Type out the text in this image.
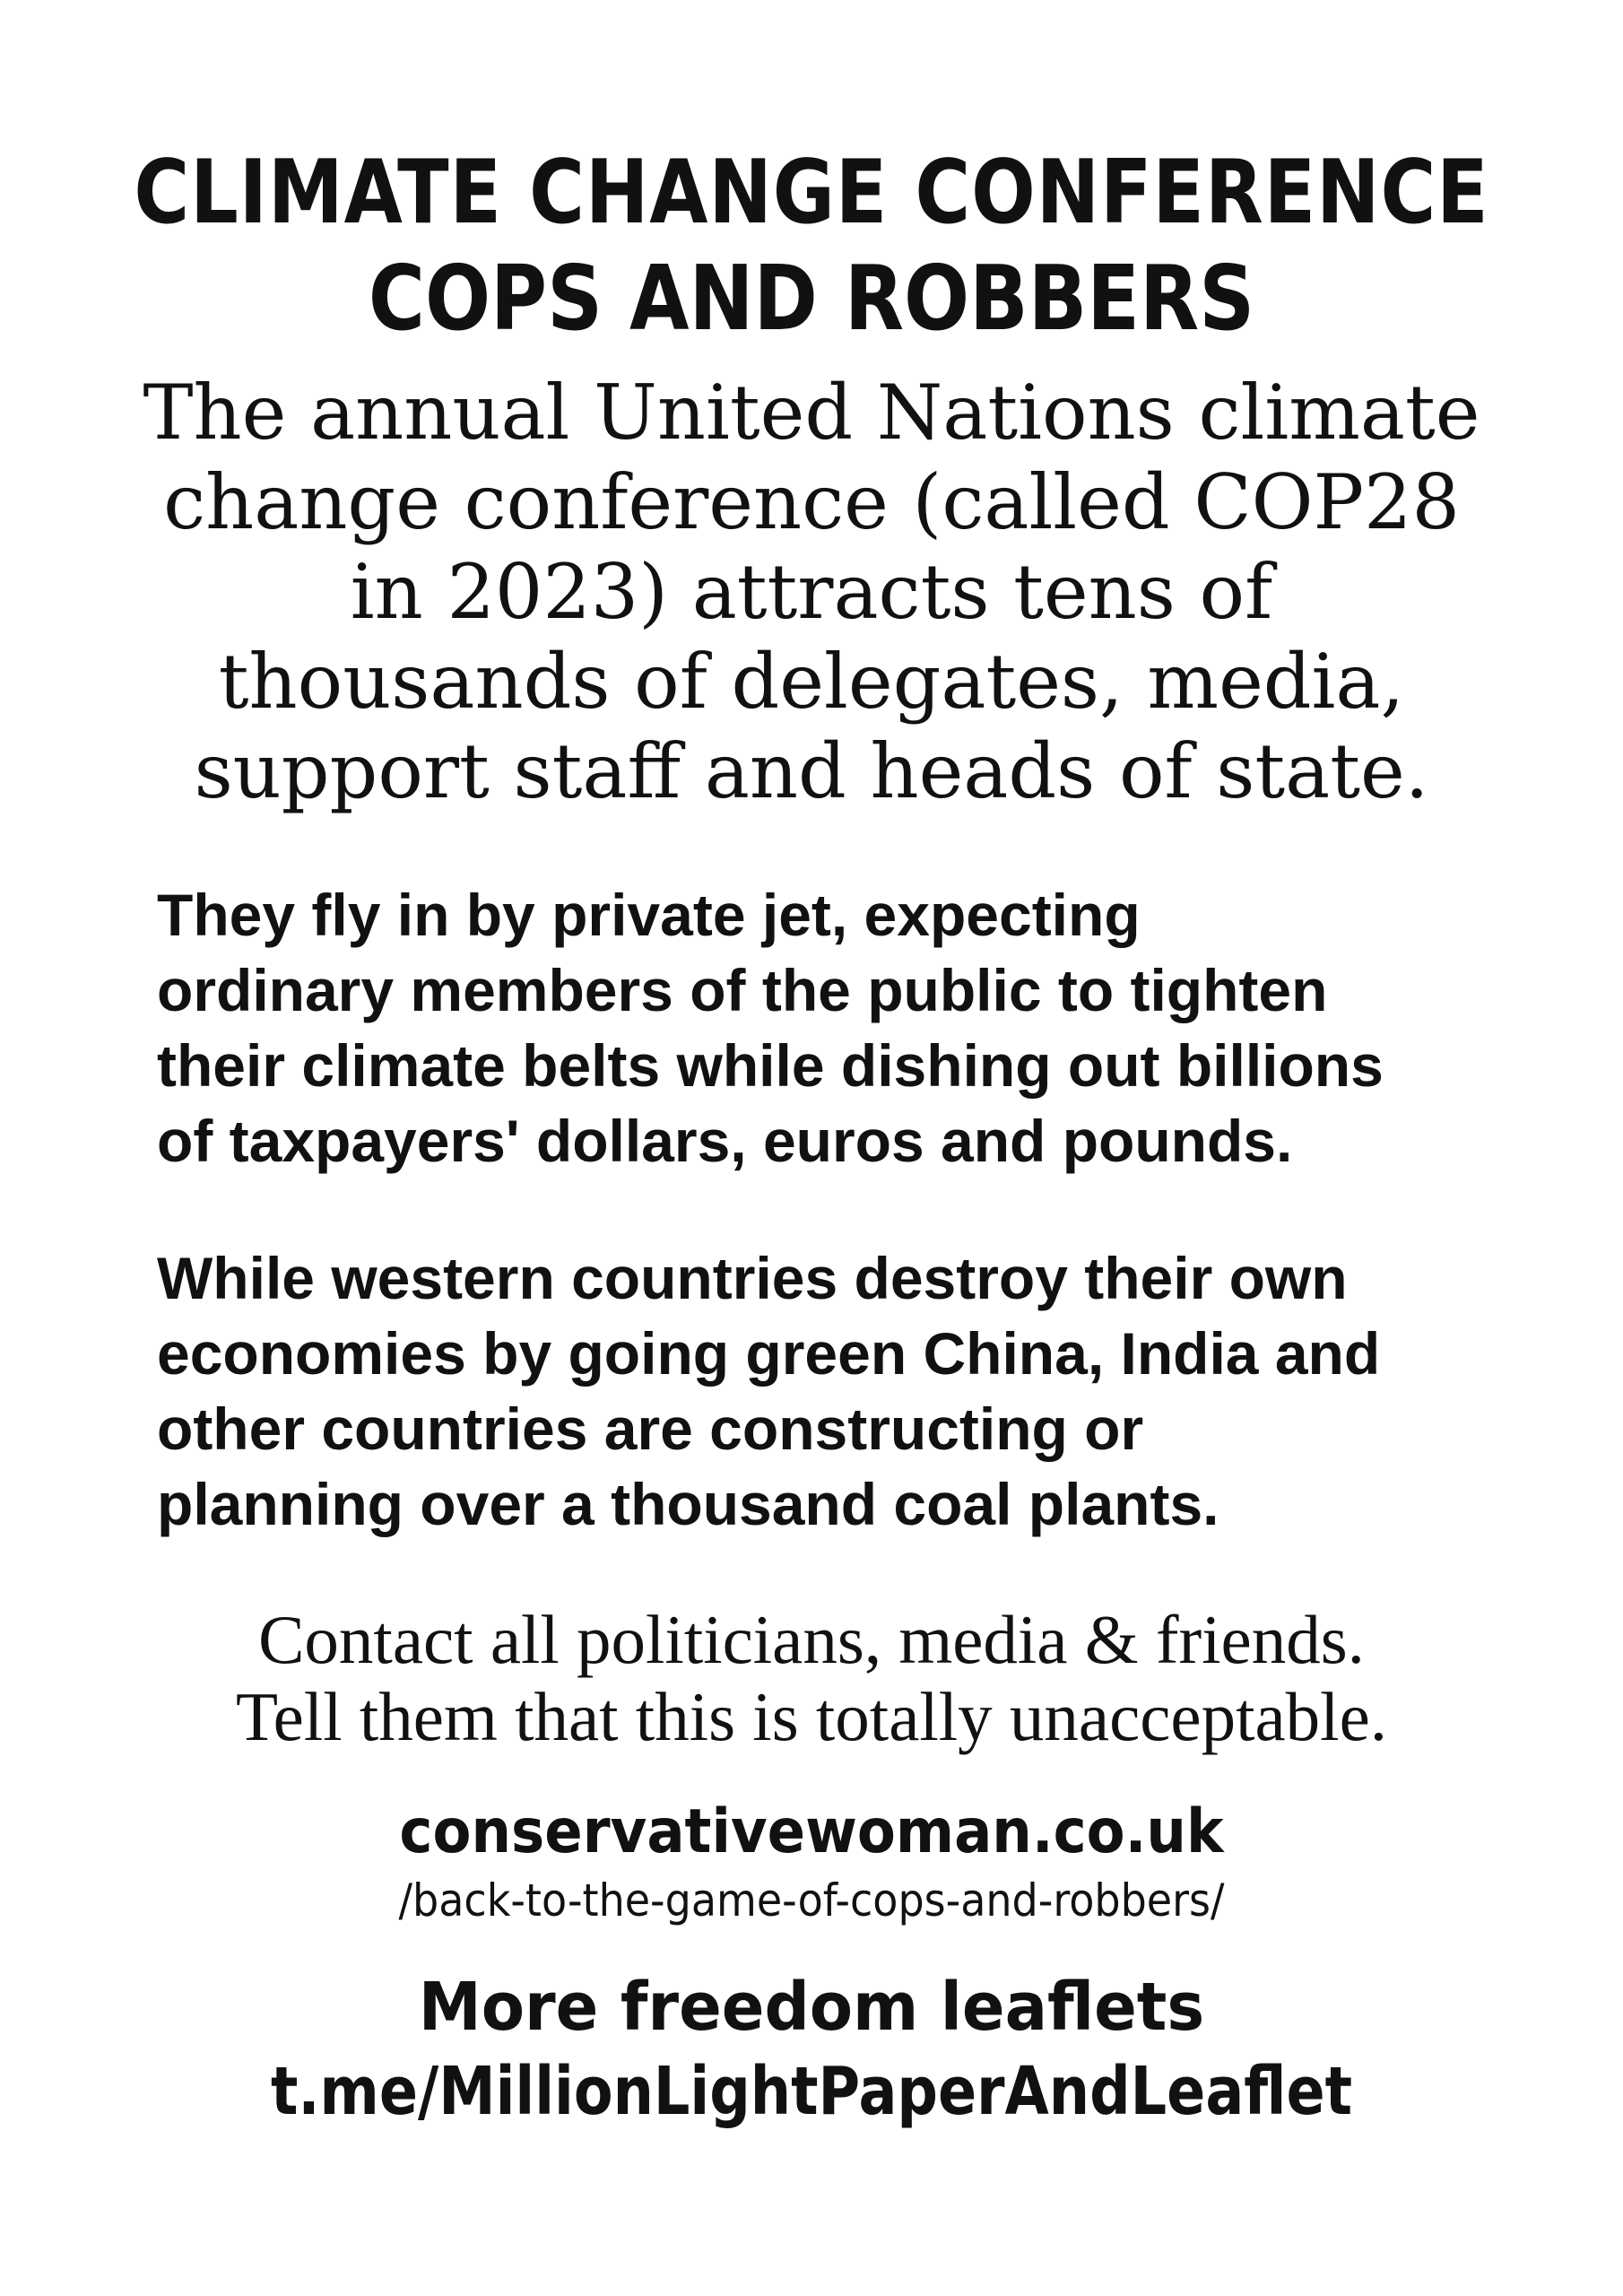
CLIMATE CHANGE CONFERENCE
COPS AND ROBBERS
The annual United Nations climate
change conference (called COP28
in 2023) attracts tens of
thousands of delegates, media,
support staff and heads of state.
They fly in by private jet, expecting
ordinary members of the public to tighten
their climate belts while dishing out billions
of taxpayers' dollars, euros and pounds.
While western countries destroy their own
economies by going green China, India and
other countries are constructing or
planning over a thousand coal plants.
Contact all politicians, media & friends.
Tell them that this is totally unacceptable.
conservativewoman.co.uk
/back-to-the-game-of-cops-and-robbers/
More freedom leaflets
t.me/MillionLightPaperAndLeaflet
